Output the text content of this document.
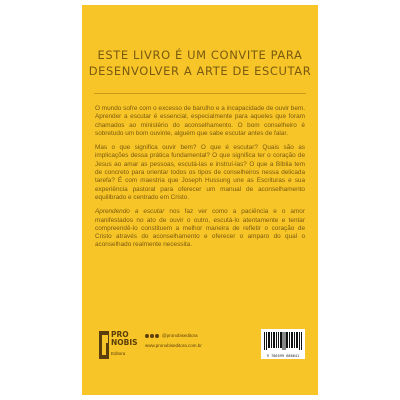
ESTE LIVRO É UM CONVITE PARA
DESENVOLVER A ARTE DE ESCUTAR

O mundo sofre com o excesso de barulho e a incapacidade de ouvir bem. Aprender a escutar é essencial, especialmente para aqueles que foram chamados ao ministério do aconselhamento. O bom conselheiro é sobretudo um bom ouvinte, alguém que sabe escutar antes de falar.

Mas o que significa ouvir bem? O que é escutar? Quais são as implicações dessa prática fundamental? O que significa ter o coração de Jesus ao amar as pessoas, escutá-las e instruí-las? O que a Bíblia tem de concreto para orientar todos os tipos de conselheiros nessa delicada tarefa? É com maestria que Joseph Hussung une as Escrituras e sua experiência pastoral para oferecer um manual de aconselhamento equilibrado e centrado em Cristo.

Aprendendo a escutar nos faz ver como a paciência e o amor manifestados no ato de ouvir o outro, escutá-lo atentamente e tentar compreendê-lo constituem a melhor maneira de refletir o coração de Cristo através do aconselhamento e oferecer o amparo do qual o aconselhado realmente necessita.

PRO
NOBIS
Editora
@pronobiseditora
www.pronobiseditora.com.br
9 786599 686641
